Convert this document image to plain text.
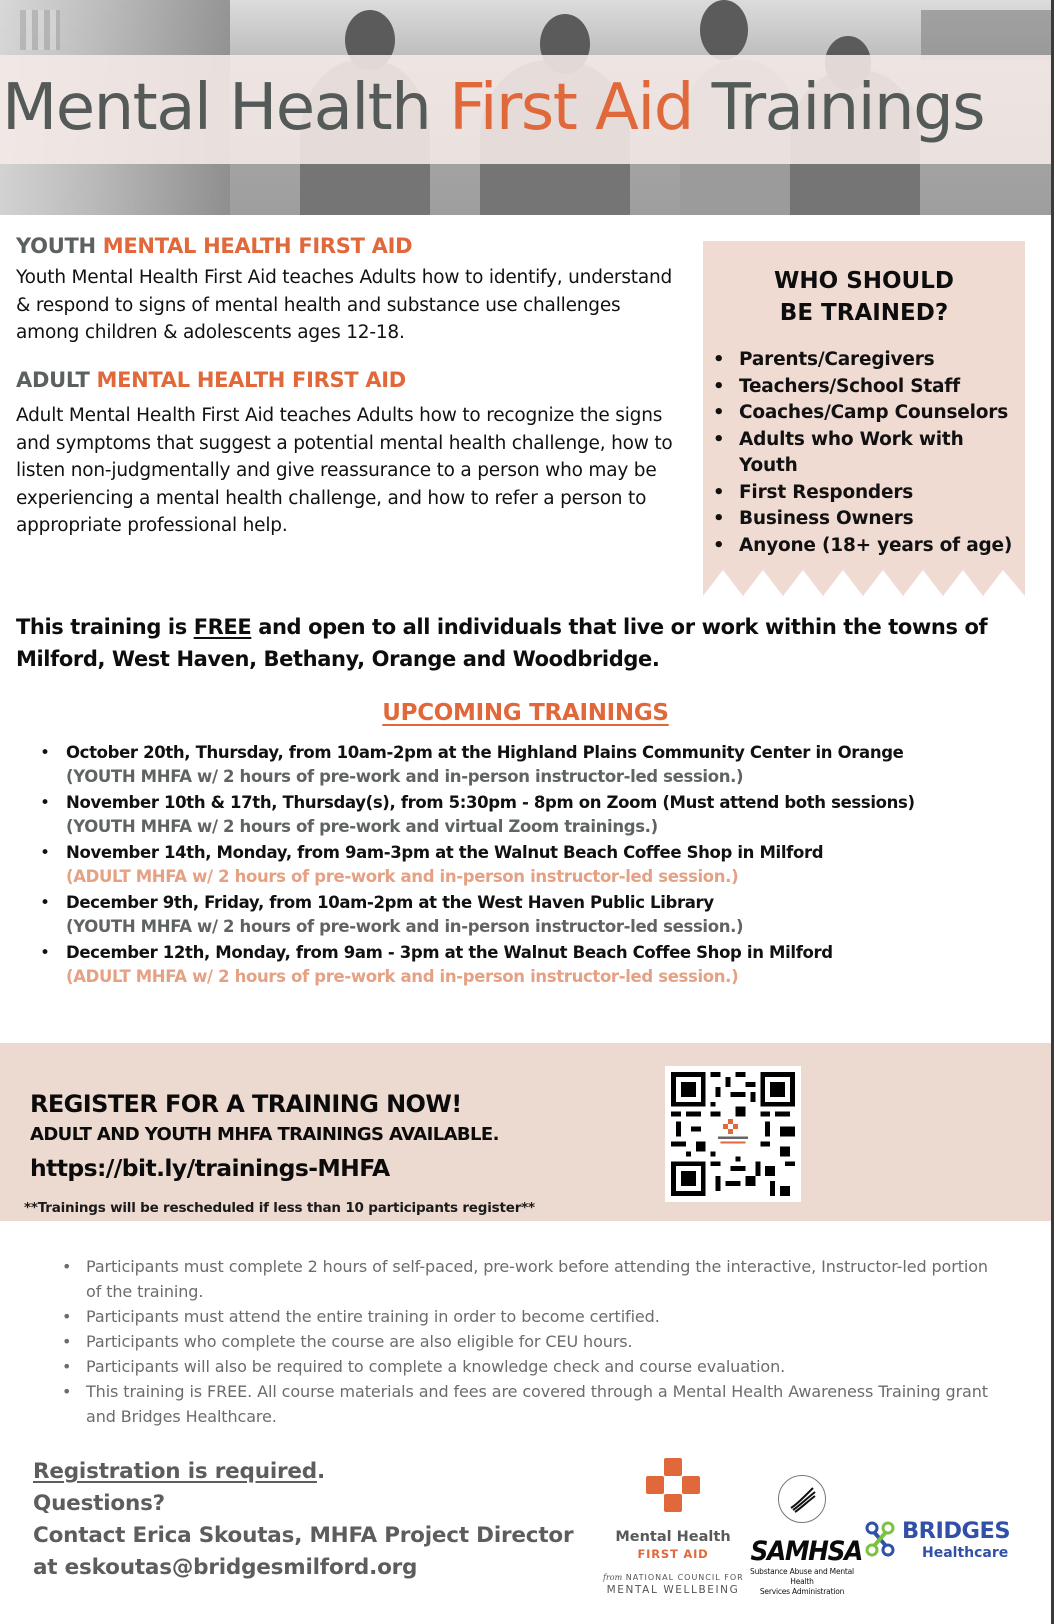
Mental Health First Aid Trainings
YOUTH MENTAL HEALTH FIRST AID

Youth Mental Health First Aid teaches Adults how to identify, understand & respond to signs of mental health and substance use challenges among children & adolescents ages 12-18.

ADULT MENTAL HEALTH FIRST AID

Adult Mental Health First Aid teaches Adults how to recognize the signs and symptoms that suggest a potential mental health challenge, how to listen non-judgmentally and give reassurance to a person who may be experiencing a mental health challenge, and how to refer a person to appropriate professional help.

WHO SHOULD
BE TRAINED?
• Parents/Caregivers
• Teachers/School Staff
• Coaches/Camp Counselors
• Adults who Work with Youth
• First Responders
• Business Owners
• Anyone (18+ years of age)

This training is FREE and open to all individuals that live or work within the towns of Milford, West Haven, Bethany, Orange and Woodbridge.

UPCOMING TRAININGS
• October 20th, Thursday, from 10am-2pm at the Highland Plains Community Center in Orange
(YOUTH MHFA w/ 2 hours of pre-work and in-person instructor-led session.)
• November 10th & 17th, Thursday(s), from 5:30pm - 8pm on Zoom (Must attend both sessions)
(YOUTH MHFA w/ 2 hours of pre-work and virtual Zoom trainings.)
• November 14th, Monday, from 9am-3pm at the Walnut Beach Coffee Shop in Milford
(ADULT MHFA w/ 2 hours of pre-work and in-person instructor-led session.)
• December 9th, Friday, from 10am-2pm at the West Haven Public Library
(YOUTH MHFA w/ 2 hours of pre-work and in-person instructor-led session.)
• December 12th, Monday, from 9am - 3pm at the Walnut Beach Coffee Shop in Milford
(ADULT MHFA w/ 2 hours of pre-work and in-person instructor-led session.)
REGISTER FOR A TRAINING NOW!
ADULT AND YOUTH MHFA TRAININGS AVAILABLE.
https://bit.ly/trainings-MHFA
**Trainings will be rescheduled if less than 10 participants register**
• Participants must complete 2 hours of self-paced, pre-work before attending the interactive, Instructor-led portion of the training.
• Participants must attend the entire training in order to become certified.
• Participants who complete the course are also eligible for CEU hours.
• Participants will also be required to complete a knowledge check and course evaluation.
• This training is FREE. All course materials and fees are covered through a Mental Health Awareness Training grant and Bridges Healthcare.
Registration is required.
Questions?
Contact Erica Skoutas, MHFA Project Director
at eskoutas@bridgesmilford.org
Mental Health
FIRST AID
from NATIONAL COUNCIL FOR
MENTAL WELLBEING
SAMHSA
Substance Abuse and Mental Health
Services Administration
BRIDGES
Healthcare
